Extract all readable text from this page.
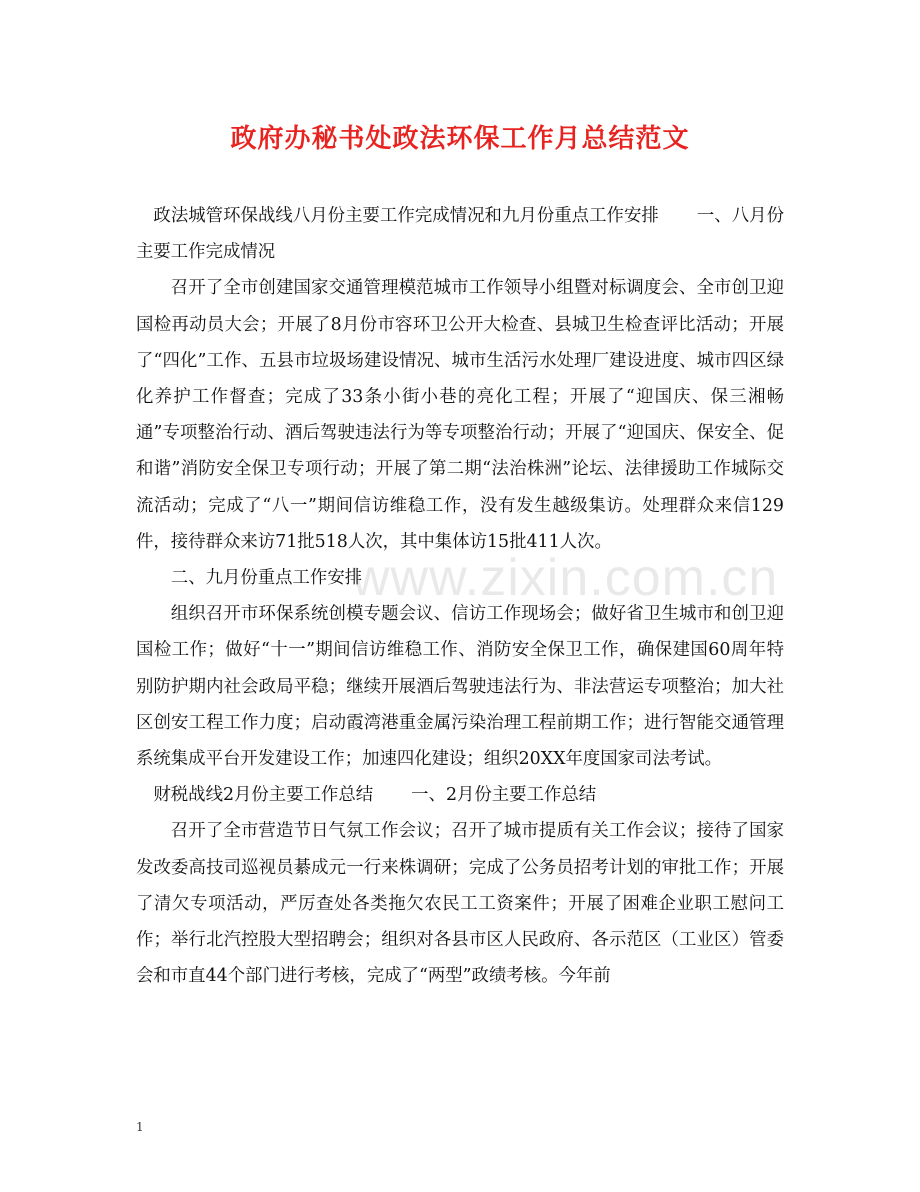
政府办秘书处政法环保工作月总结范文
www.zixin.com.cn

政法城管环保战线八月份主要工作完成情况和九月份重点工作安排 一、八月份主要工作完成情况

召开了全市创建国家交通管理模范城市工作领导小组暨对标调度会、全市创卫迎国检再动员大会；开展了8月份市容环卫公开大检查、县城卫生检查评比活动；开展了“四化”工作、五县市垃圾场建设情况、城市生活污水处理厂建设进度、城市四区绿化养护工作督查；完成了33条小街小巷的亮化工程；开展了“迎国庆、保三湘畅通”专项整治行动、酒后驾驶违法行为等专项整治行动；开展了“迎国庆、保安全、促和谐”消防安全保卫专项行动；开展了第二期“法治株洲”论坛、法律援助工作城际交流活动；完成了“八一”期间信访维稳工作，没有发生越级集访。处理群众来信129件，接待群众来访71批518人次，其中集体访15批411人次。

二、九月份重点工作安排

组织召开市环保系统创模专题会议、信访工作现场会；做好省卫生城市和创卫迎国检工作；做好“十一”期间信访维稳工作、消防安全保卫工作，确保建国60周年特别防护期内社会政局平稳；继续开展酒后驾驶违法行为、非法营运专项整治；加大社区创安工程工作力度；启动霞湾港重金属污染治理工程前期工作；进行智能交通管理系统集成平台开发建设工作；加速四化建设；组织20XX年度国家司法考试。

财税战线2月份主要工作总结 一、2月份主要工作总结

召开了全市营造节日气氛工作会议；召开了城市提质有关工作会议；接待了国家发改委高技司巡视员綦成元一行来株调研；完成了公务员招考计划的审批工作；开展了清欠专项活动，严厉查处各类拖欠农民工工资案件；开展了困难企业职工慰问工作；举行北汽控股大型招聘会；组织对各县市区人民政府、各示范区（工业区）管委会和市直44个部门进行考核，完成了“两型”政绩考核。今年前

1
